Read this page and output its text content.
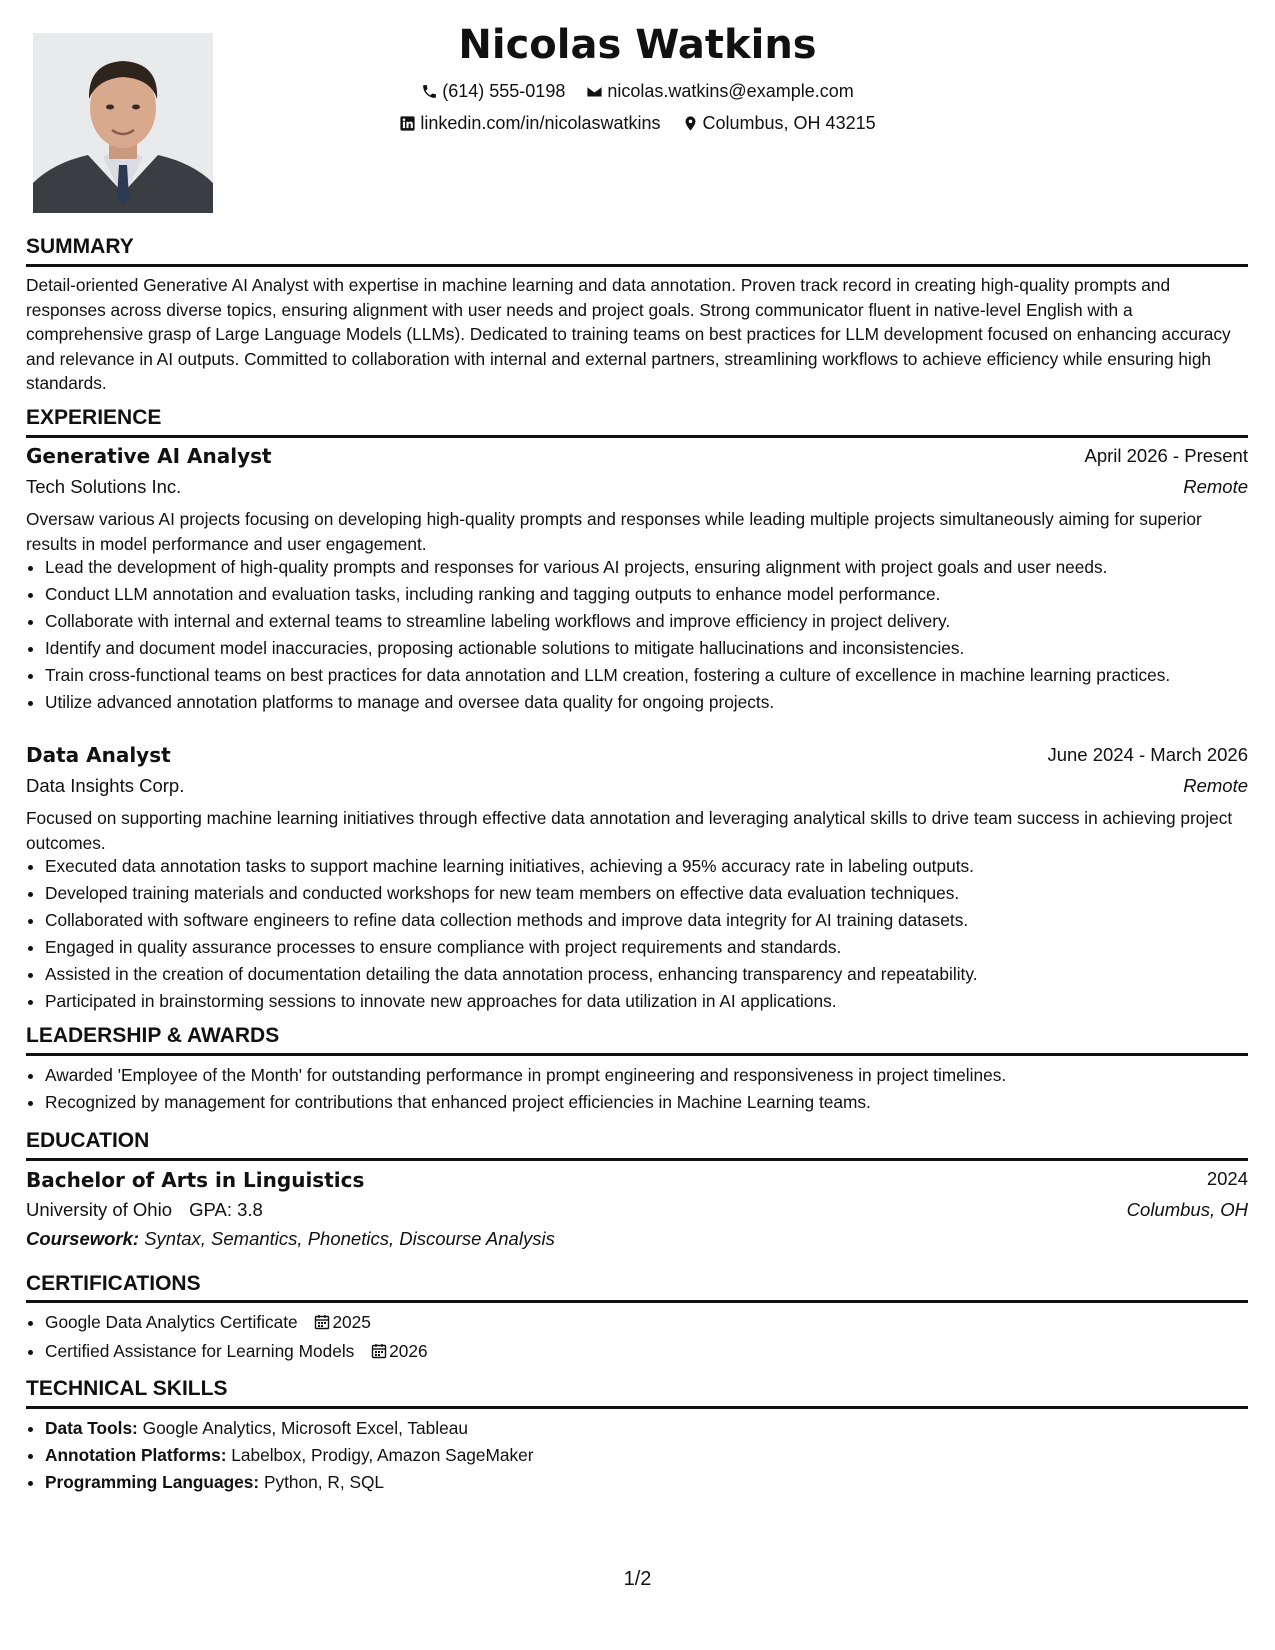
Nicolas Watkins
(614) 555-0198
nicolas.watkins@example.com
linkedin.com/in/nicolaswatkins
Columbus, OH 43215
SUMMARY
Detail-oriented Generative AI Analyst with expertise in machine learning and data annotation. Proven track record in creating high-quality prompts and responses across diverse topics, ensuring alignment with user needs and project goals. Strong communicator fluent in native-level English with a comprehensive grasp of Large Language Models (LLMs). Dedicated to training teams on best practices for LLM development focused on enhancing accuracy and relevance in AI outputs. Committed to collaboration with internal and external partners, streamlining workflows to achieve efficiency while ensuring high standards.
EXPERIENCE
Generative AI Analyst	April 2026 - Present
Tech Solutions Inc.	Remote
Oversaw various AI projects focusing on developing high-quality prompts and responses while leading multiple projects simultaneously aiming for superior results in model performance and user engagement.
• Lead the development of high-quality prompts and responses for various AI projects, ensuring alignment with project goals and user needs.
• Conduct LLM annotation and evaluation tasks, including ranking and tagging outputs to enhance model performance.
• Collaborate with internal and external teams to streamline labeling workflows and improve efficiency in project delivery.
• Identify and document model inaccuracies, proposing actionable solutions to mitigate hallucinations and inconsistencies.
• Train cross-functional teams on best practices for data annotation and LLM creation, fostering a culture of excellence in machine learning practices.
• Utilize advanced annotation platforms to manage and oversee data quality for ongoing projects.
Data Analyst	June 2024 - March 2026
Data Insights Corp.	Remote
Focused on supporting machine learning initiatives through effective data annotation and leveraging analytical skills to drive team success in achieving project outcomes.
• Executed data annotation tasks to support machine learning initiatives, achieving a 95% accuracy rate in labeling outputs.
• Developed training materials and conducted workshops for new team members on effective data evaluation techniques.
• Collaborated with software engineers to refine data collection methods and improve data integrity for AI training datasets.
• Engaged in quality assurance processes to ensure compliance with project requirements and standards.
• Assisted in the creation of documentation detailing the data annotation process, enhancing transparency and repeatability.
• Participated in brainstorming sessions to innovate new approaches for data utilization in AI applications.
LEADERSHIP & AWARDS
• Awarded 'Employee of the Month' for outstanding performance in prompt engineering and responsiveness in project timelines.
• Recognized by management for contributions that enhanced project efficiencies in Machine Learning teams.
EDUCATION
Bachelor of Arts in Linguistics	2024
University of Ohio GPA: 3.8	Columbus, OH
Coursework: Syntax, Semantics, Phonetics, Discourse Analysis
CERTIFICATIONS
• Google Data Analytics Certificate 2025
• Certified Assistance for Learning Models 2026
TECHNICAL SKILLS
• Data Tools: Google Analytics, Microsoft Excel, Tableau
• Annotation Platforms: Labelbox, Prodigy, Amazon SageMaker
• Programming Languages: Python, R, SQL
1/2
